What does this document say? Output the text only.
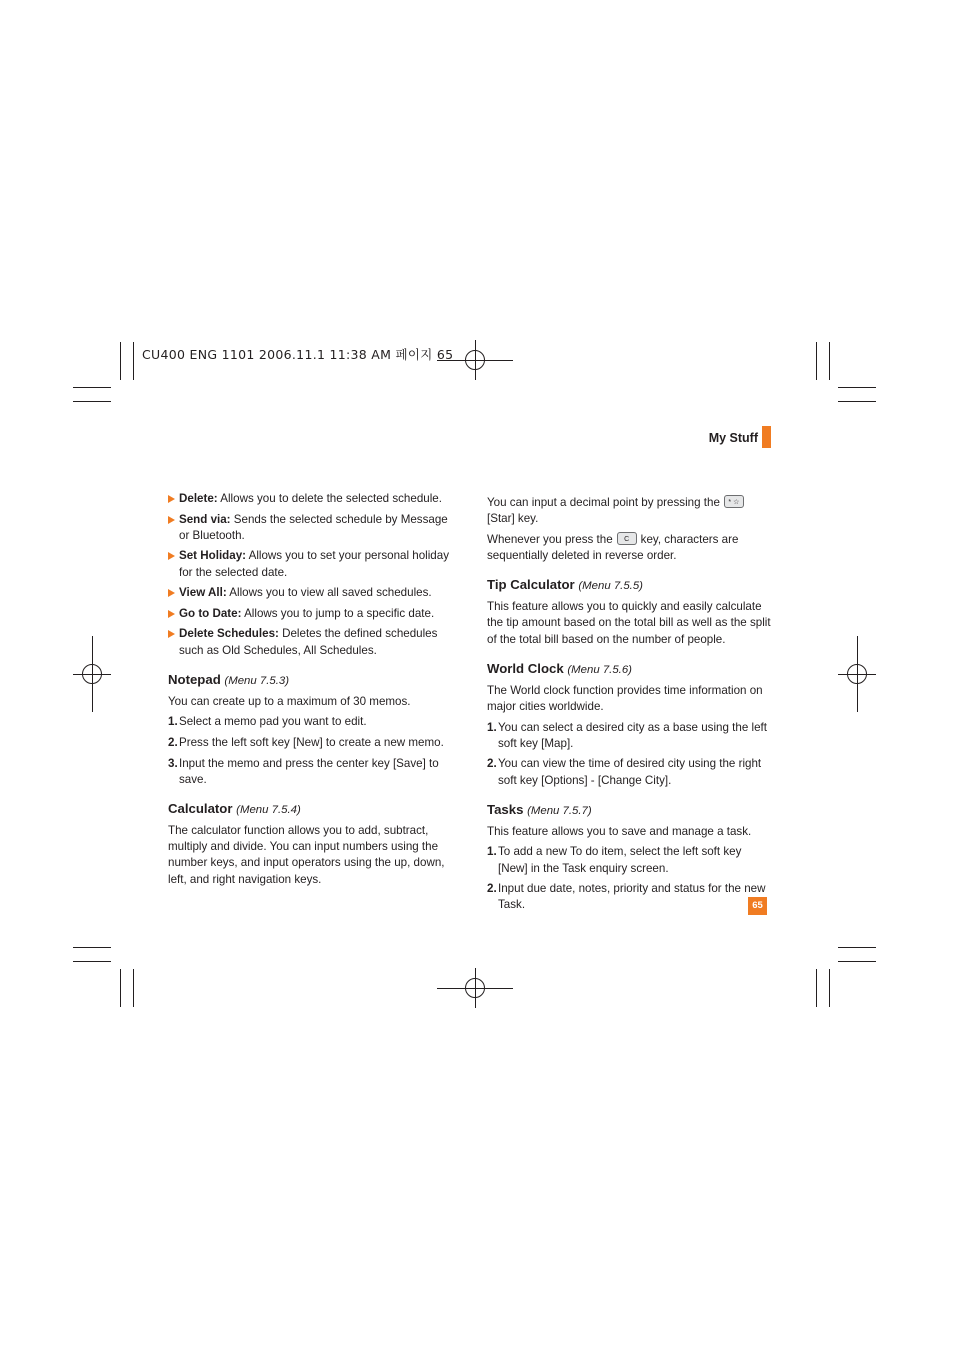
CU400 ENG 1101 2006.11.1 11:38 AM 페이지 65
My Stuff
Delete: Allows you to delete the selected schedule.
Send via: Sends the selected schedule by Message or Bluetooth.
Set Holiday: Allows you to set your personal holiday for the selected date.
View All: Allows you to view all saved schedules.
Go to Date: Allows you to jump to a specific date.
Delete Schedules: Deletes the defined schedules such as Old Schedules, All Schedules.
Notepad (Menu 7.5.3)

You can create up to a maximum of 30 memos.

1. Select a memo pad you want to edit.
2. Press the left soft key [New] to create a new memo.
3. Input the memo and press the center key [Save] to save.
Calculator (Menu 7.5.4)

The calculator function allows you to add, subtract, multiply and divide. You can input numbers using the number keys, and input operators using the up, down, left, and right navigation keys.

You can input a decimal point by pressing the * ☆[Star] key.

Whenever you press the C key, characters are sequentially deleted in reverse order.

Tip Calculator (Menu 7.5.5)

This feature allows you to quickly and easily calculate the tip amount based on the total bill as well as the split of the total bill based on the number of people.

World Clock (Menu 7.5.6)

The World clock function provides time information on major cities worldwide.

1. You can select a desired city as a base using the left soft key [Map].
2. You can view the time of desired city using the right soft key [Options] - [Change City].
Tasks (Menu 7.5.7)

This feature allows you to save and manage a task.

1. To add a new To do item, select the left soft key [New] in the Task enquiry screen.
2. Input due date, notes, priority and status for the new Task.	65
